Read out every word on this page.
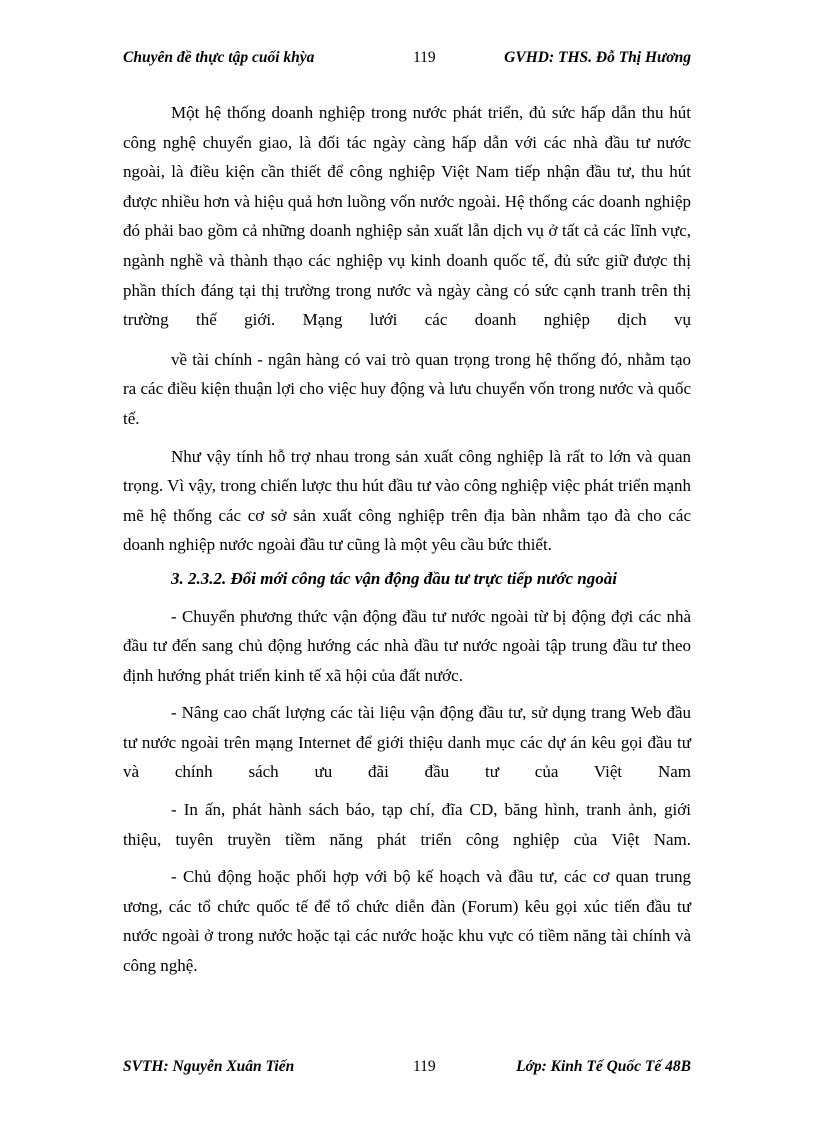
Chuyên đề thực tập cuối khỳa	119	GVHD: THS. Đỗ Thị Hương

Một hệ thống doanh nghiệp trong nước phát triển, đủ sức hấp dẫn thu hút công nghệ chuyển giao, là đối tác ngày càng hấp dẫn với các nhà đầu tư nước ngoài, là điều kiện cần thiết để công nghiệp Việt Nam tiếp nhận đầu tư, thu hút được nhiều hơn và hiệu quả hơn luồng vốn nước ngoài. Hệ thống các doanh nghiệp đó phải bao gồm cả những doanh nghiệp sản xuất lẫn dịch vụ ở tất cả các lĩnh vực, ngành nghề và thành thạo các nghiệp vụ kinh doanh quốc tế, đủ sức giữ được thị phần thích đáng tại thị trường trong nước và ngày càng có sức cạnh tranh trên thị trường thế giới. Mạng lưới các doanh nghiệp dịch vụ

về tài chính - ngân hàng có vai trò quan trọng trong hệ thống đó, nhằm tạo ra các điều kiện thuận lợi cho việc huy động và lưu chuyển vốn trong nước và quốc tế.

Như vậy tính hỗ trợ nhau trong sản xuất công nghiệp là rất to lớn và quan trọng. Vì vậy, trong chiến lược thu hút đầu tư vào công nghiệp việc phát triển mạnh mẽ hệ thống các cơ sở sản xuất công nghiệp trên địa bàn nhằm tạo đà cho các doanh nghiệp nước ngoài đầu tư cũng là một yêu cầu bức thiết.

3. 2.3.2. Đổi mới công tác vận động đầu tư trực tiếp nước ngoài

- Chuyển phương thức vận động đầu tư nước ngoài từ bị động đợi các nhà đầu tư đến sang chủ động hướng các nhà đầu tư nước ngoài tập trung đầu tư theo định hướng phát triển kinh tế xã hội của đất nước.

- Nâng cao chất lượng các tài liệu vận động đầu tư, sử dụng trang Web đầu tư nước ngoài trên mạng Internet để giới thiệu danh mục các dự án kêu gọi đầu tư và chính sách ưu đãi đầu tư của Việt Nam

- In ấn, phát hành sách báo, tạp chí, đĩa CD, băng hình, tranh ảnh, giới thiệu, tuyên truyền tiềm năng phát triển công nghiệp của Việt Nam.

- Chủ động hoặc phối hợp với bộ kế hoạch và đầu tư, các cơ quan trung ương, các tổ chức quốc tế để tổ chức diễn đàn (Forum) kêu gọi xúc tiến đầu tư nước ngoài ở trong nước hoặc tại các nước hoặc khu vực có tiềm năng tài chính và công nghệ.

SVTH: Nguyễn Xuân Tiến	119	Lớp: Kinh Tế Quốc Tế 48B
